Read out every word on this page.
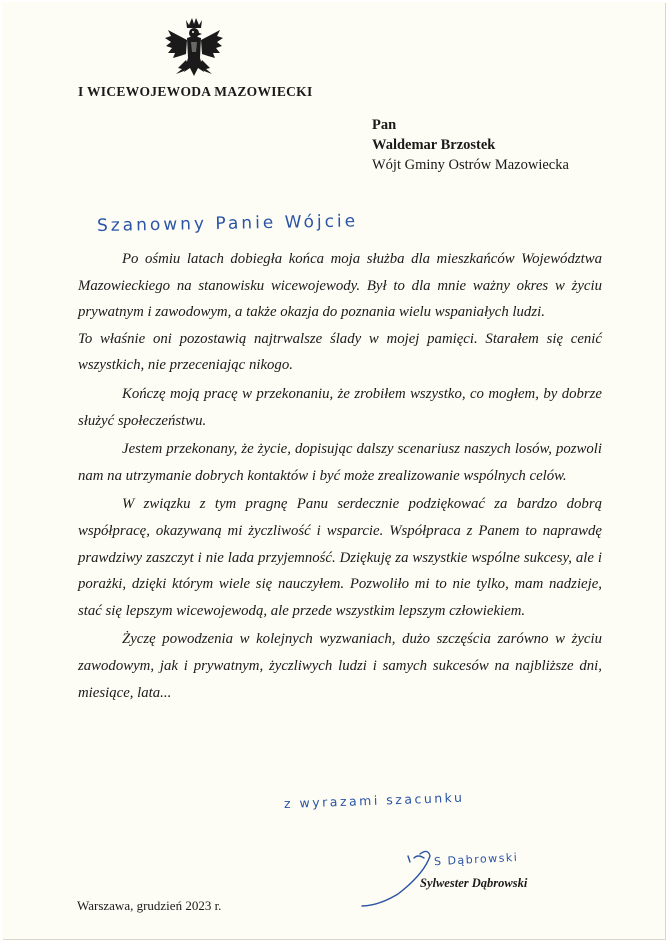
I WICEWOJEWODA MAZOWIECKI
Pan
Waldemar Brzostek
Wójt Gminy Ostrów Mazowiecka
Szanowny Panie Wójcie

Po ośmiu latach dobiegła końca moja służba dla mieszkańców Województwa Mazowieckiego na stanowisku wicewojewody. Był to dla mnie ważny okres w życiu prywatnym i zawodowym, a także okazja do poznania wielu wspaniałych ludzi.

To właśnie oni pozostawią najtrwalsze ślady w mojej pamięci. Starałem się cenić wszystkich, nie przeceniając nikogo.

Kończę moją pracę w przekonaniu, że zrobiłem wszystko, co mogłem, by dobrze służyć społeczeństwu.

Jestem przekonany, że życie, dopisując dalszy scenariusz naszych losów, pozwoli nam na utrzymanie dobrych kontaktów i być może zrealizowanie wspólnych celów.

W związku z tym pragnę Panu serdecznie podziękować za bardzo dobrą współpracę, okazywaną mi życzliwość i wsparcie. Współpraca z Panem to naprawdę prawdziwy zaszczyt i nie lada przyjemność. Dziękuję za wszystkie wspólne sukcesy, ale i porażki, dzięki którym wiele się nauczyłem. Pozwoliło mi to nie tylko, mam nadzieje, stać się lepszym wicewojewodą, ale przede wszystkim lepszym człowiekiem.

Życzę powodzenia w kolejnych wyzwaniach, dużo szczęścia zarówno w życiu zawodowym, jak i prywatnym, życzliwych ludzi i samych sukcesów na najbliższe dni, miesiące, lata...

z wyrazami szacunku
S Dąbrowski
Sylwester Dąbrowski
Warszawa, grudzień 2023 r.
